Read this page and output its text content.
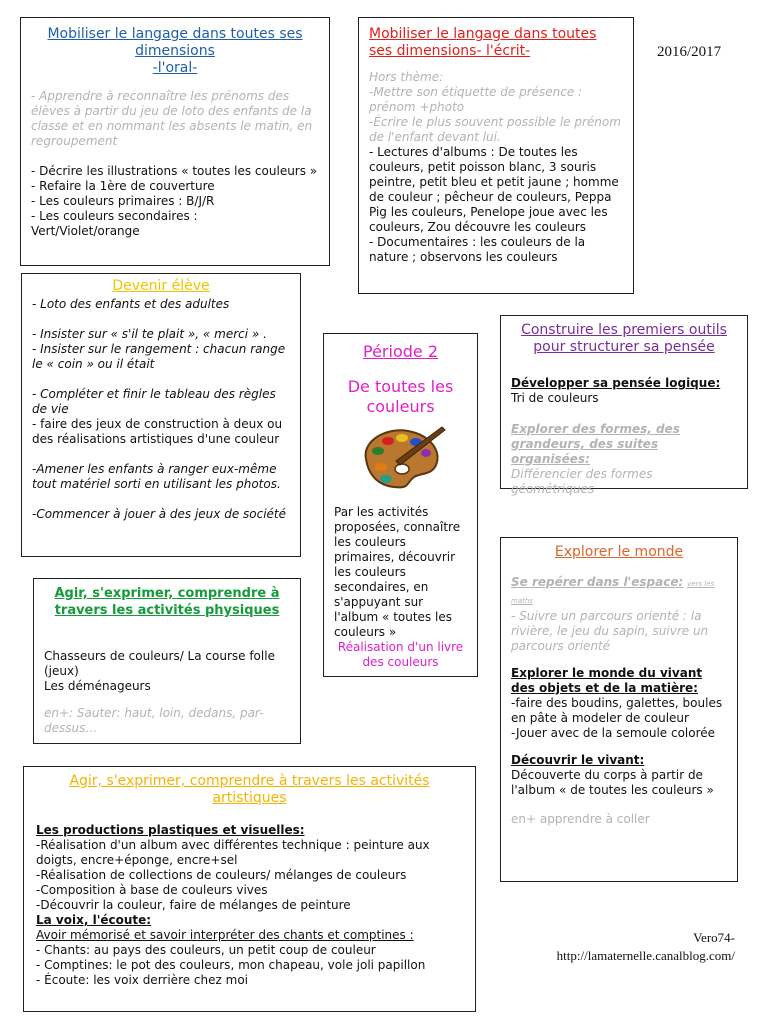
2016/2017
Mobiliser le langage dans toutes ses dimensions
-l'oral-
- Apprendre à reconnaître les prénoms des élèves à partir du jeu de loto des enfants de la classe et en nommant les absents le matin, en regroupement
- Décrire les illustrations « toutes les couleurs »
- Refaire la 1ère de couverture
- Les couleurs primaires : B/J/R
- Les couleurs secondaires :
Vert/Violet/orange
Mobiliser le langage dans toutes ses dimensions- l'écrit-
Hors thème:
-Mettre son étiquette de présence : prénom +photo
-Écrire le plus souvent possible le prénom de l'enfant devant lui.
- Lectures d'albums : De toutes les couleurs, petit poisson blanc, 3 souris peintre, petit bleu et petit jaune ; homme de couleur ; pêcheur de couleurs, Peppa Pig les couleurs, Penelope joue avec les couleurs, Zou découvre les couleurs
- Documentaires : les couleurs de la nature ; observons les couleurs
Devenir élève
- Loto des enfants et des adultes
- Insister sur « s'il te plait », « merci » .
- Insister sur le rangement : chacun range le « coin » ou il était
- Compléter et finir le tableau des règles de vie
- faire des jeux de construction à deux ou des réalisations artistiques d'une couleur
-Amener les enfants à ranger eux-même tout matériel sorti en utilisant les photos.
-Commencer à jouer à des jeux de société
Période 2
De toutes les couleurs
Par les activités proposées, connaître les couleurs primaires, découvrir les couleurs secondaires, en s'appuyant sur l'album « toutes les couleurs »
Réalisation d'un livre des couleurs
Construire les premiers outils pour structurer sa pensée
Développer sa pensée logique:
Tri de couleurs
Explorer des formes, des grandeurs, des suites organisées:
Différencier des formes géométriques
Agir, s'exprimer, comprendre à travers les activités physiques
Chasseurs de couleurs/ La course folle (jeux)
Les déménageurs
en+: Sauter: haut, loin, dedans, par-dessus…
Explorer le monde
Se repérer dans l'espace: vers les maths
- Suivre un parcours orienté : la rivière, le jeu du sapin, suivre un parcours orienté
Explorer le monde du vivant des objets et de la matière:
-faire des boudins, galettes, boules en pâte à modeler de couleur
-Jouer avec de la semoule colorée
Découvrir le vivant:
Découverte du corps à partir de l'album « de toutes les couleurs »
en+ apprendre à coller
Agir, s'exprimer, comprendre à travers les activités artistiques
Les productions plastiques et visuelles:
-Réalisation d'un album avec différentes technique : peinture aux doigts, encre+éponge, encre+sel
-Réalisation de collections de couleurs/ mélanges de couleurs
-Composition à base de couleurs vives
-Découvrir la couleur, faire de mélanges de peinture
La voix, l'écoute:
Avoir mémorisé et savoir interpréter des chants et comptines :
- Chants: au pays des couleurs, un petit coup de couleur
- Comptines: le pot des couleurs, mon chapeau, vole joli papillon
- Écoute: les voix derrière chez moi
Vero74-
http://lamaternelle.canalblog.com/
